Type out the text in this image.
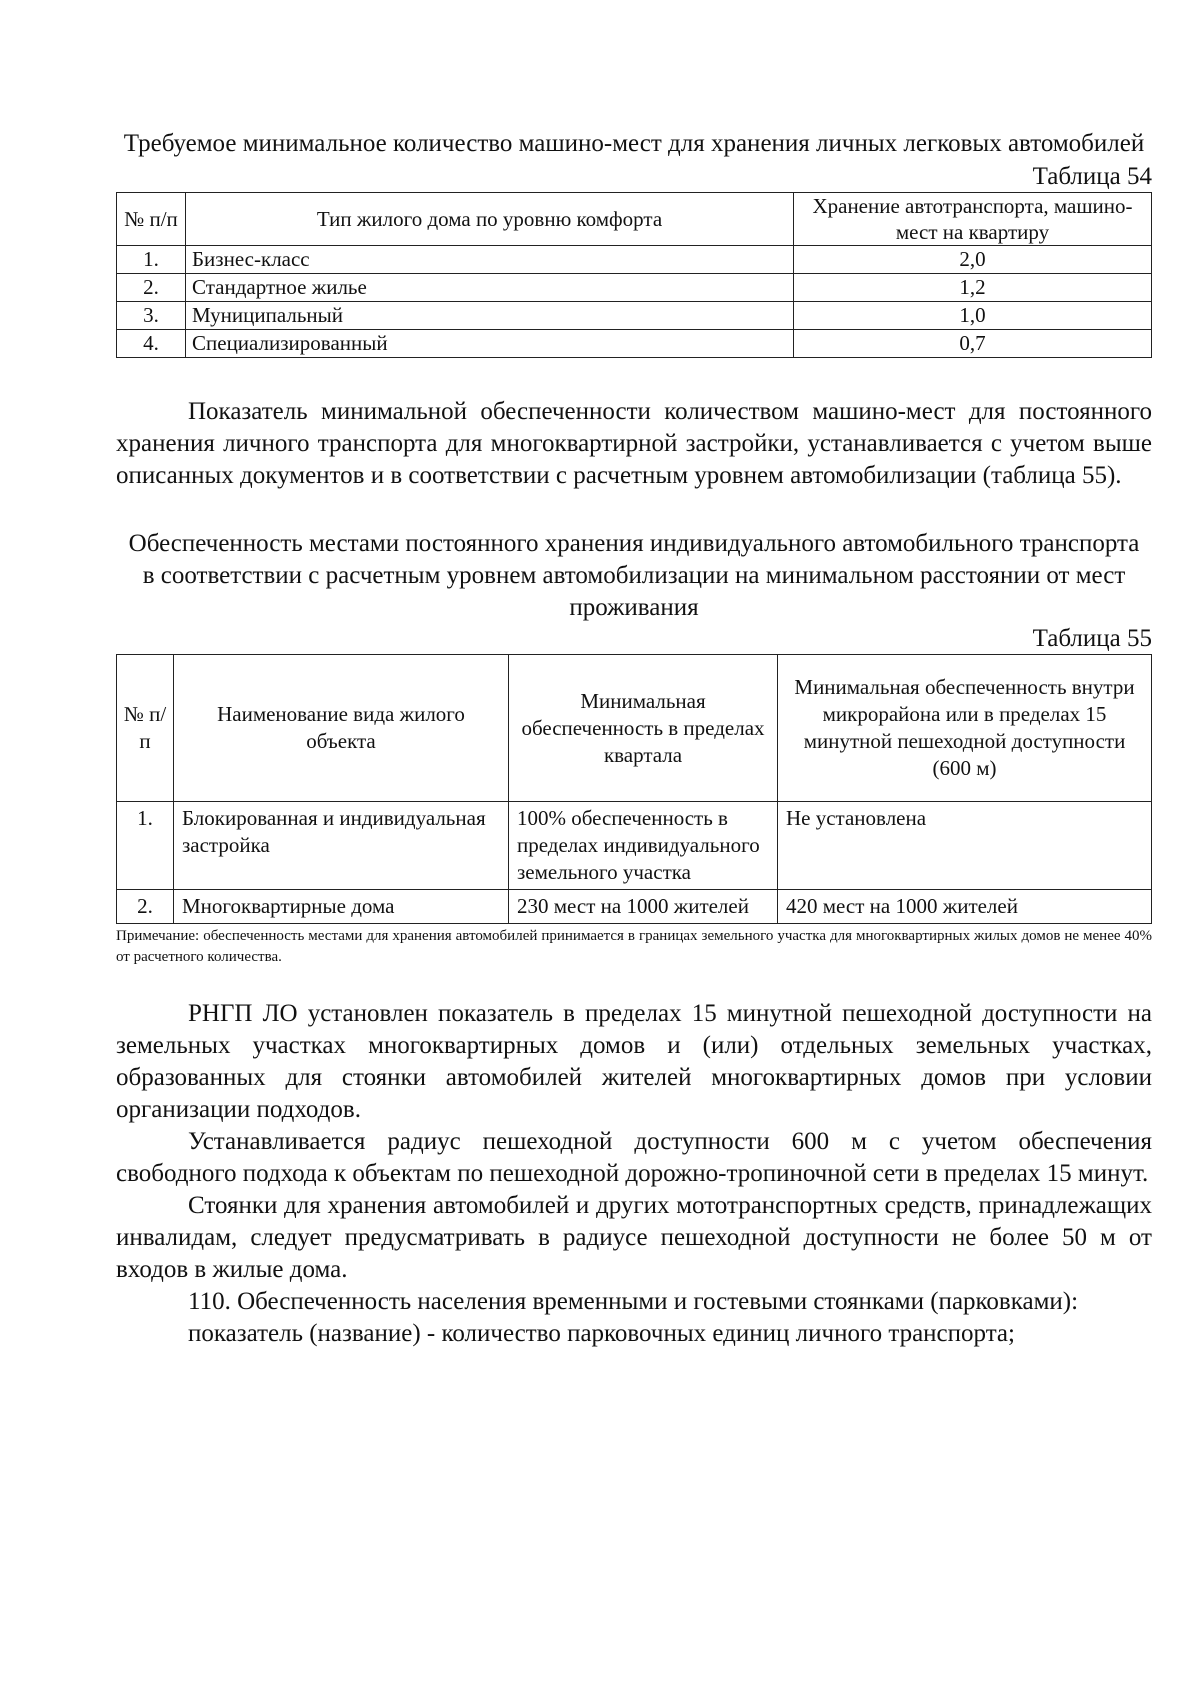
Требуемое минимальное количество машино-мест для хранения личных легковых автомобилей

Таблица 54

№ п/п	Тип жилого дома по уровню комфорта	Хранение автотранспорта, машино-мест на квартиру
1.	Бизнес-класс	2,0
2.	Стандартное жилье	1,2
3.	Муниципальный	1,0
4.	Специализированный	0,7

Показатель минимальной обеспеченности количеством машино-мест для постоянного хранения личного транспорта для многоквартирной застройки, устанавливается с учетом выше описанных документов и в соответствии с расчетным уровнем автомобилизации (таблица 55).

Обеспеченность местами постоянного хранения индивидуального автомобильного транспорта в соответствии с расчетным уровнем автомобилизации на минимальном расстоянии от мест проживания

Таблица 55

№ п/п	Наименование вида жилого объекта	Минимальная обеспеченность в пределах квартала	Минимальная обеспеченность внутри микрорайона или в пределах 15 минутной пешеходной доступности (600 м)
1.	Блокированная и индивидуальная застройка	100% обеспеченность в пределах индивидуального земельного участка	Не установлена
2.	Многоквартирные дома	230 мест на 1000 жителей	420 мест на 1000 жителей

Примечание: обеспеченность местами для хранения автомобилей принимается в границах земельного участка для многоквартирных жилых домов не менее 40% от расчетного количества.

РНГП ЛО установлен показатель в пределах 15 минутной пешеходной доступности на земельных участках многоквартирных домов и (или) отдельных земельных участках, образованных для стоянки автомобилей жителей многоквартирных домов при условии организации подходов.

Устанавливается радиус пешеходной доступности 600 м с учетом обеспечения свободного подхода к объектам по пешеходной дорожно-тропиночной сети в пределах 15 минут.

Стоянки для хранения автомобилей и других мототранспортных средств, принадлежащих инвалидам, следует предусматривать в радиусе пешеходной доступности не более 50 м от входов в жилые дома.

110. Обеспеченность населения временными и гостевыми стоянками (парковками):

показатель (название) - количество парковочных единиц личного транспорта;
